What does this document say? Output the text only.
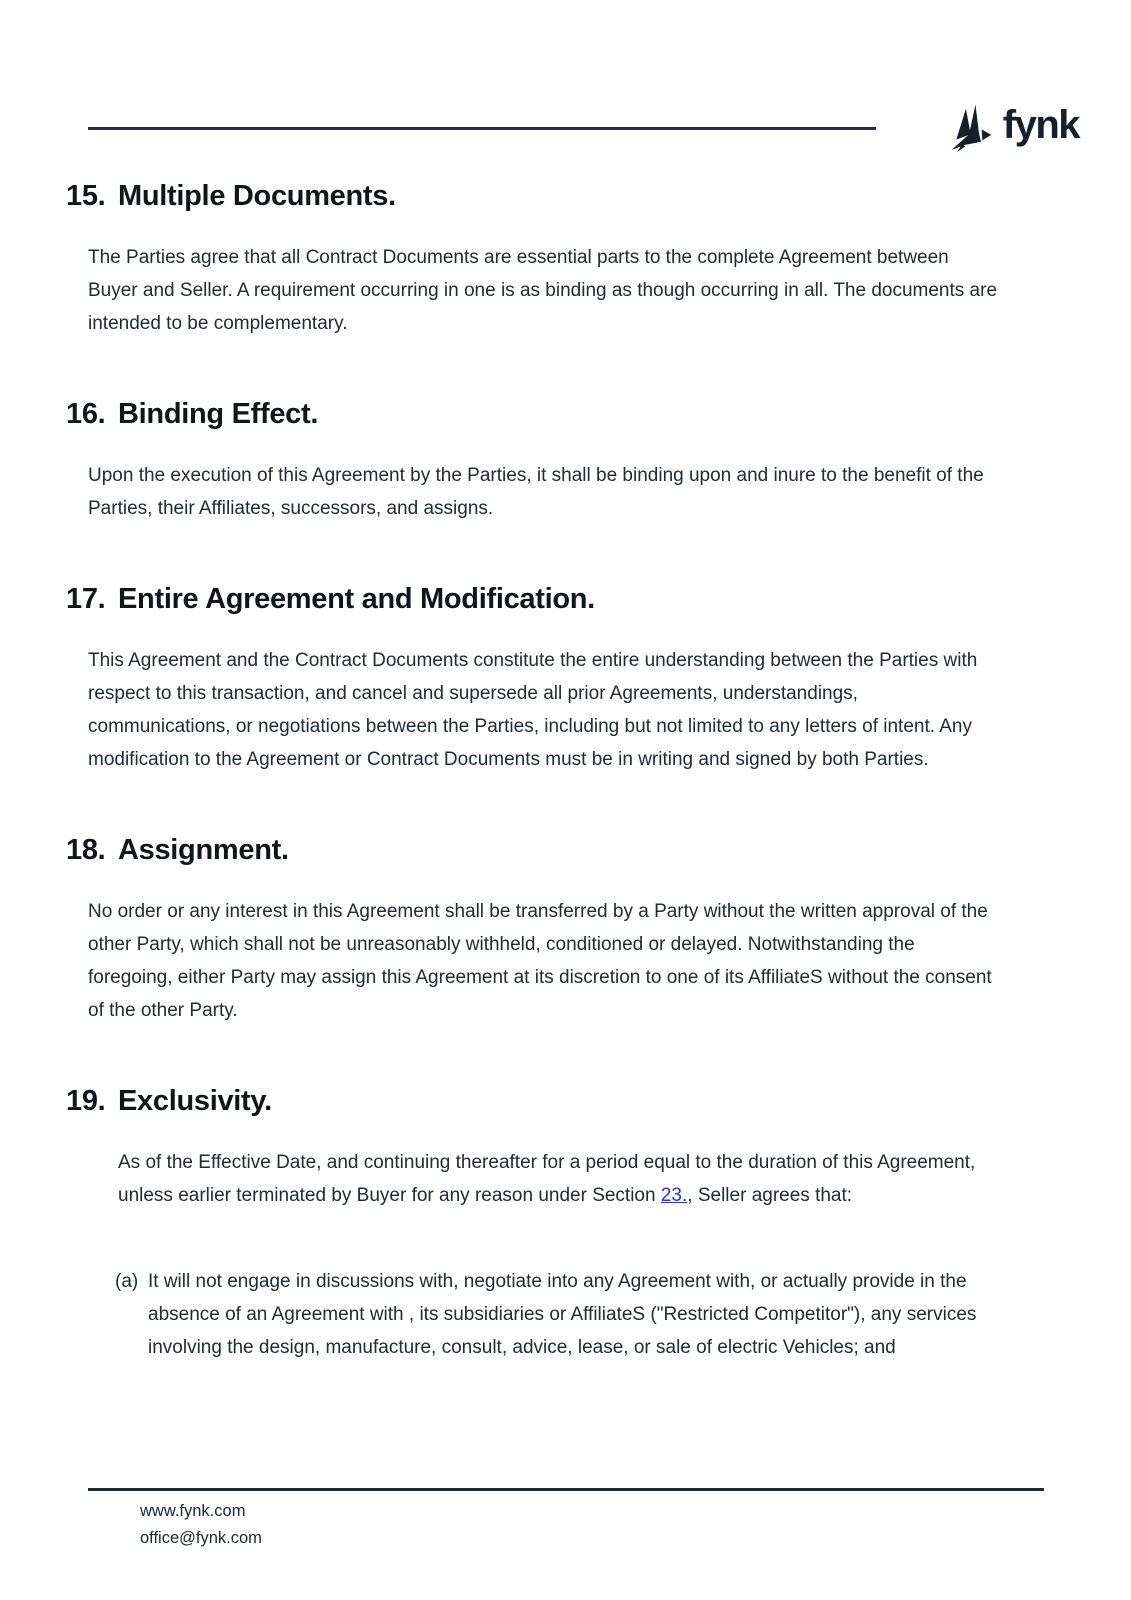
fynk
15. Multiple Documents.

The Parties agree that all Contract Documents are essential parts to the complete Agreement between Buyer and Seller. A requirement occurring in one is as binding as though occurring in all. The documents are intended to be complementary.

16. Binding Effect.

Upon the execution of this Agreement by the Parties, it shall be binding upon and inure to the benefit of the Parties, their Affiliates, successors, and assigns.

17. Entire Agreement and Modification.

This Agreement and the Contract Documents constitute the entire understanding between the Parties with respect to this transaction, and cancel and supersede all prior Agreements, understandings, communications, or negotiations between the Parties, including but not limited to any letters of intent. Any modification to the Agreement or Contract Documents must be in writing and signed by both Parties.

18. Assignment.

No order or any interest in this Agreement shall be transferred by a Party without the written approval of the other Party, which shall not be unreasonably withheld, conditioned or delayed. Notwithstanding the foregoing, either Party may assign this Agreement at its discretion to one of its AffiliateS without the consent of the other Party.

19. Exclusivity.

As of the Effective Date, and continuing thereafter for a period equal to the duration of this Agreement, unless earlier terminated by Buyer for any reason under Section 23., Seller agrees that:

(a) It will not engage in discussions with, negotiate into any Agreement with, or actually provide in the absence of an Agreement with , its subsidiaries or AffiliateS ("Restricted Competitor"), any services involving the design, manufacture, consult, advice, lease, or sale of electric Vehicles; and
www.fynk.com
office@fynk.com
